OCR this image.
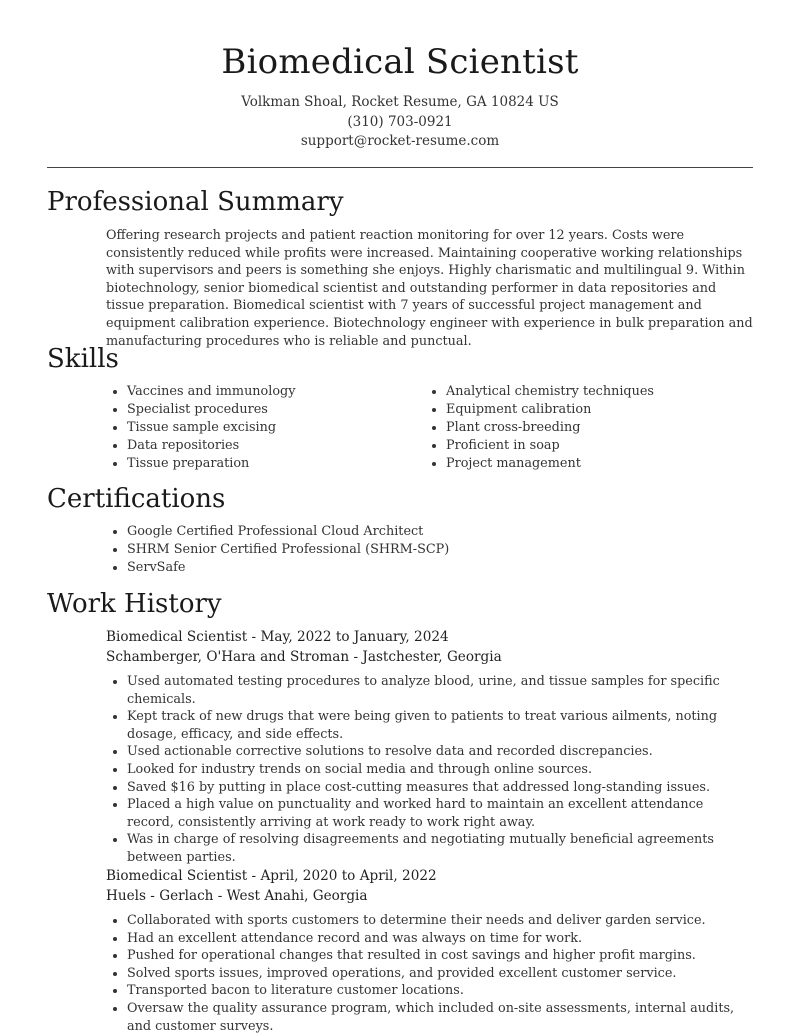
Biomedical Scientist
Volkman Shoal, Rocket Resume, GA 10824 US
(310) 703-0921
support@rocket-resume.com
Professional Summary

Offering research projects and patient reaction monitoring for over 12 years. Costs were consistently reduced while profits were increased. Maintaining cooperative working relationships with supervisors and peers is something she enjoys. Highly charismatic and multilingual 9. Within biotechnology, senior biomedical scientist and outstanding performer in data repositories and tissue preparation. Biomedical scientist with 7 years of successful project management and equipment calibration experience. Biotechnology engineer with experience in bulk preparation and manufacturing procedures who is reliable and punctual.

Skills
• Vaccines and immunology
• Specialist procedures
• Tissue sample excising
• Data repositories
• Tissue preparation
• Analytical chemistry techniques
• Equipment calibration
• Plant cross-breeding
• Proficient in soap
• Project management
Certifications
• Google Certified Professional Cloud Architect
• SHRM Senior Certified Professional (SHRM-SCP)
• ServSafe
Work History
Biomedical Scientist - May, 2022 to January, 2024
Schamberger, O'Hara and Stroman - Jastchester, Georgia
• Used automated testing procedures to analyze blood, urine, and tissue samples for specific chemicals.
• Kept track of new drugs that were being given to patients to treat various ailments, noting dosage, efficacy, and side effects.
• Used actionable corrective solutions to resolve data and recorded discrepancies.
• Looked for industry trends on social media and through online sources.
• Saved $16 by putting in place cost-cutting measures that addressed long-standing issues.
• Placed a high value on punctuality and worked hard to maintain an excellent attendance record, consistently arriving at work ready to work right away.
• Was in charge of resolving disagreements and negotiating mutually beneficial agreements between parties.
Biomedical Scientist - April, 2020 to April, 2022
Huels - Gerlach - West Anahi, Georgia
• Collaborated with sports customers to determine their needs and deliver garden service.
• Had an excellent attendance record and was always on time for work.
• Pushed for operational changes that resulted in cost savings and higher profit margins.
• Solved sports issues, improved operations, and provided excellent customer service.
• Transported bacon to literature customer locations.
• Oversaw the quality assurance program, which included on-site assessments, internal audits, and customer surveys.
